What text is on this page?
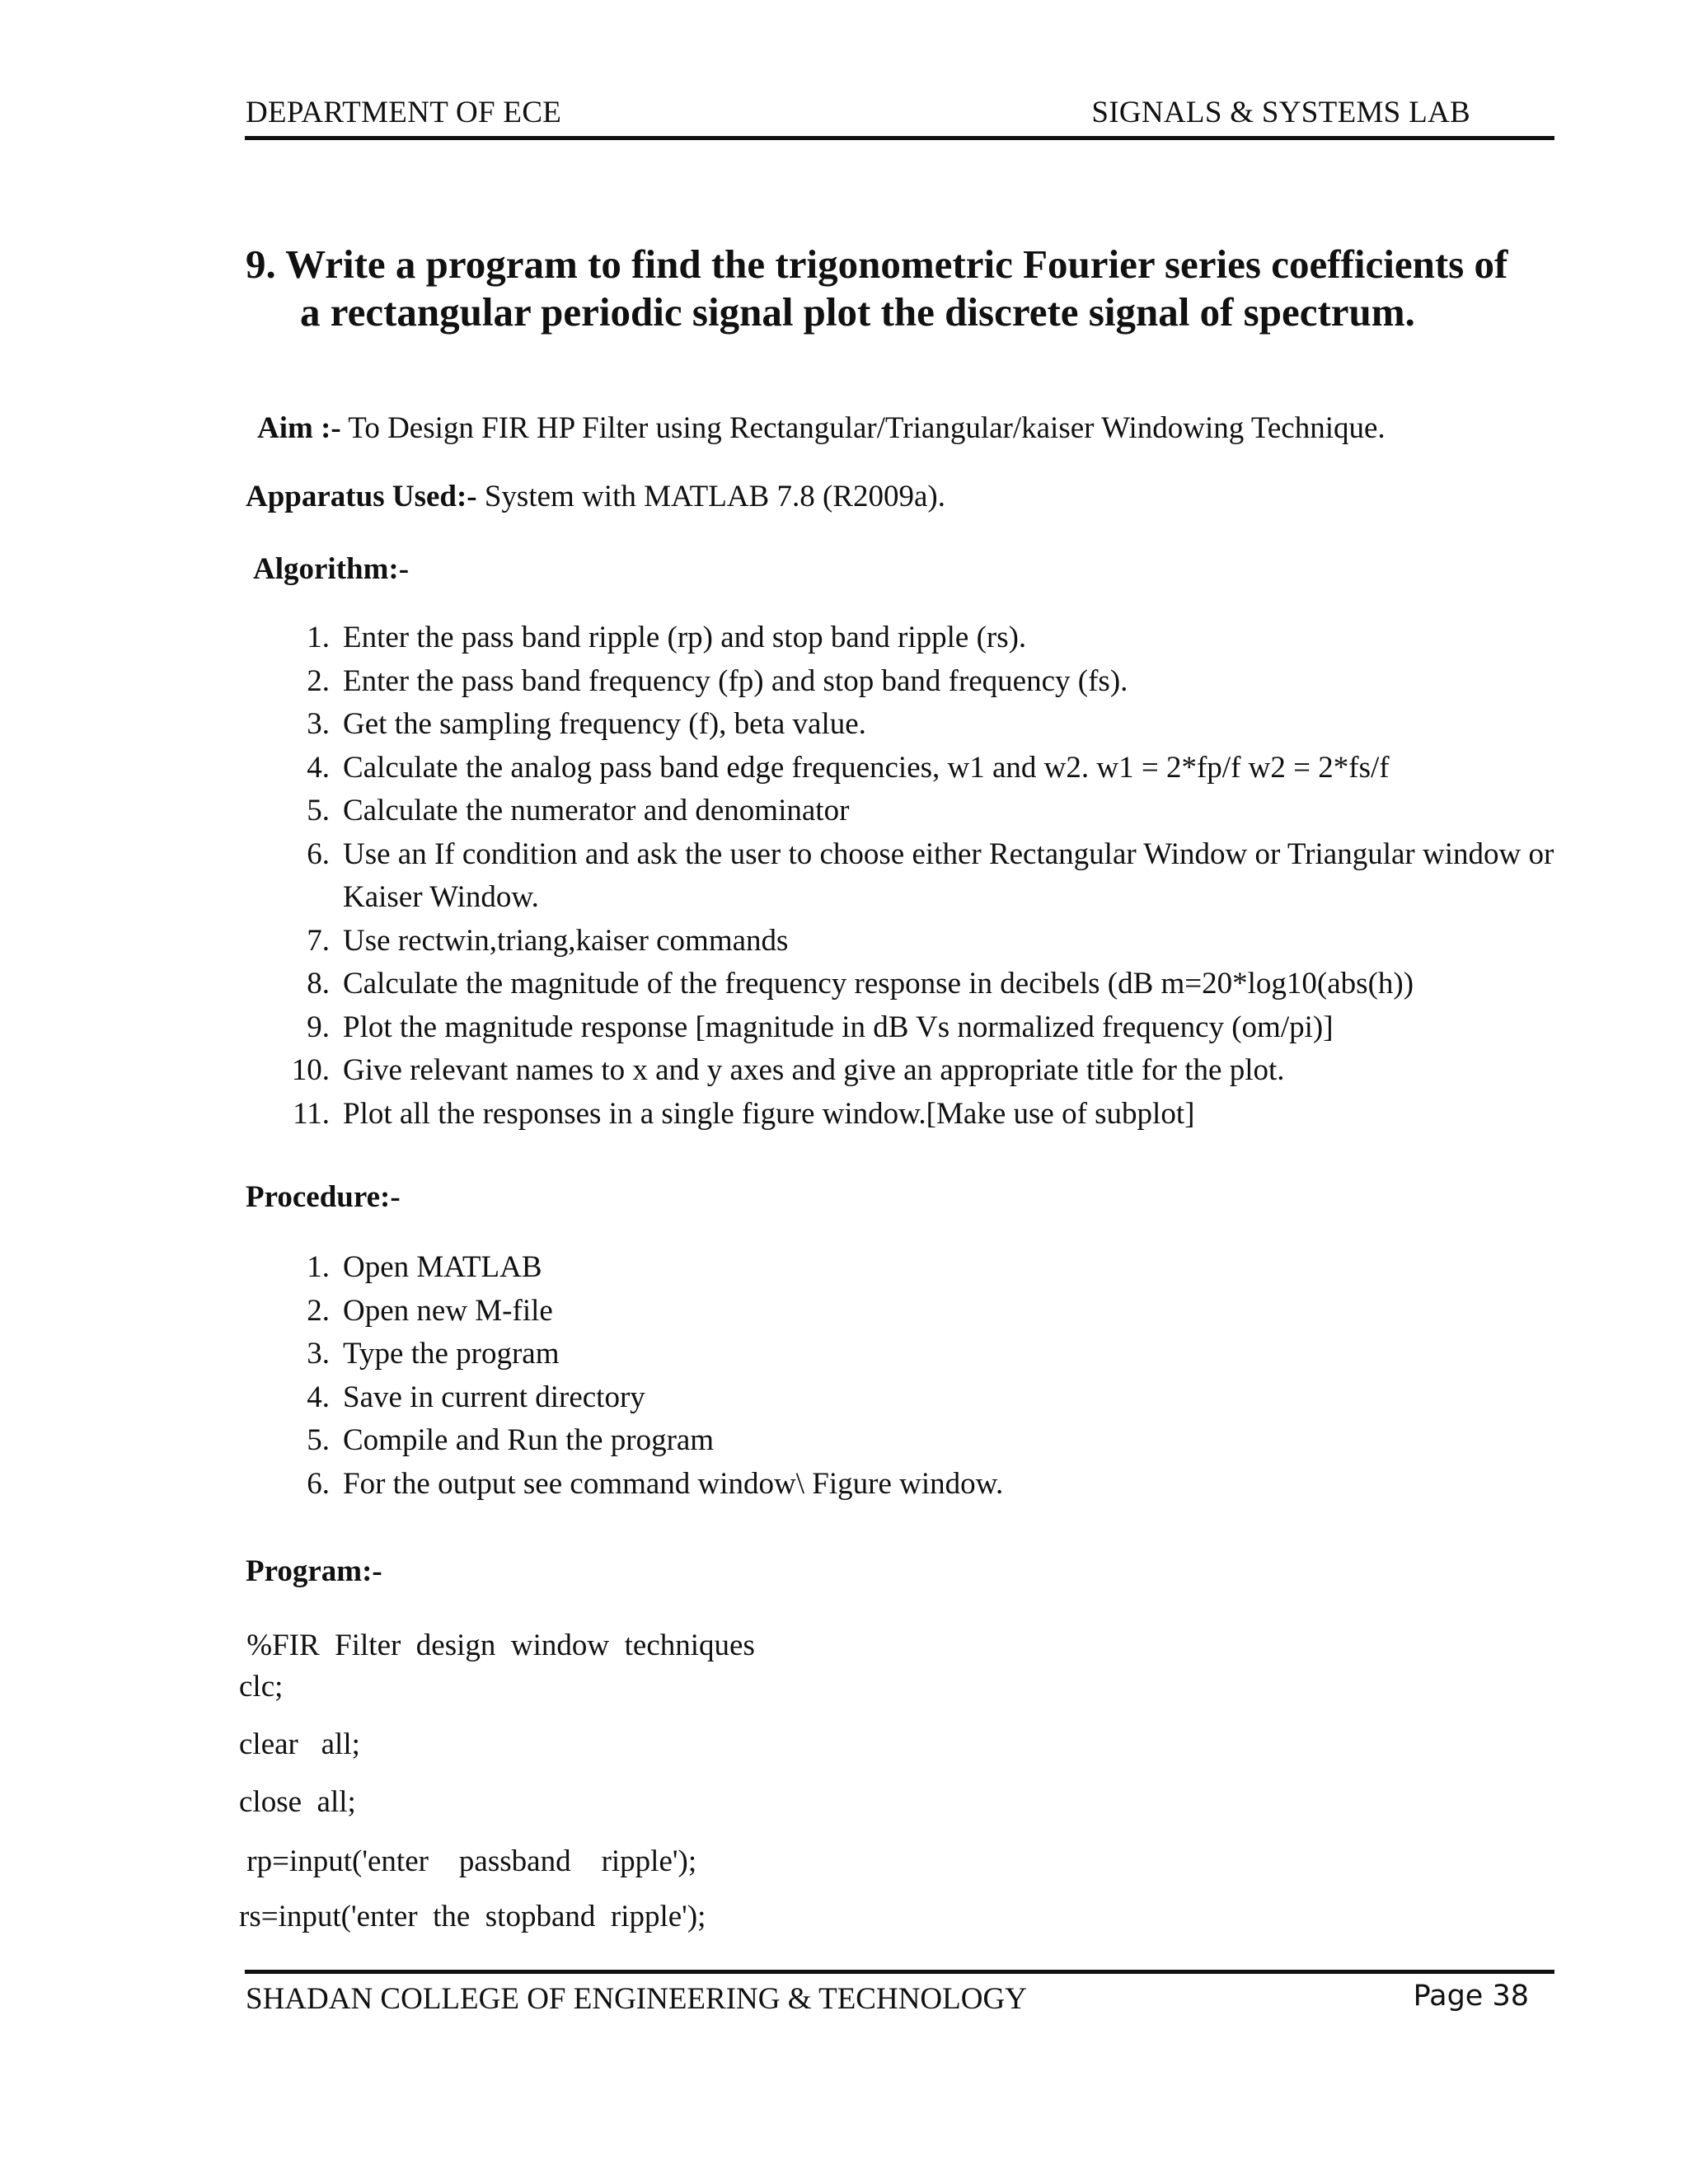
DEPARTMENT OF ECE	SIGNALS & SYSTEMS LAB
9. Write a program to find the trigonometric Fourier series coefficients of
a rectangular periodic signal plot the discrete signal of spectrum.
Aim :- To Design FIR HP Filter using Rectangular/Triangular/kaiser Windowing Technique.
Apparatus Used:- System with MATLAB 7.8 (R2009a).
Algorithm:-
1. Enter the pass band ripple (rp) and stop band ripple (rs).
2. Enter the pass band frequency (fp) and stop band frequency (fs).
3. Get the sampling frequency (f), beta value.
4. Calculate the analog pass band edge frequencies, w1 and w2. w1 = 2*fp/f w2 = 2*fs/f
5. Calculate the numerator and denominator
6. Use an If condition and ask the user to choose either Rectangular Window or Triangular window or Kaiser Window.
7. Use rectwin,triang,kaiser commands
8. Calculate the magnitude of the frequency response in decibels (dB m=20*log10(abs(h))
9. Plot the magnitude response [magnitude in dB Vs normalized frequency (om/pi)]
10. Give relevant names to x and y axes and give an appropriate title for the plot.
11. Plot all the responses in a single figure window.[Make use of subplot]
Procedure:-
1. Open MATLAB
2. Open new M-file
3. Type the program
4. Save in current directory
5. Compile and Run the program
6. For the output see command window\ Figure window.
Program:-
%FIR  Filter  design  window  techniques
clc;
clear   all;
close  all;
rp=input('enter    passband    ripple');
rs=input('enter  the  stopband  ripple');
SHADAN COLLEGE OF ENGINEERING & TECHNOLOGY	Page 38
